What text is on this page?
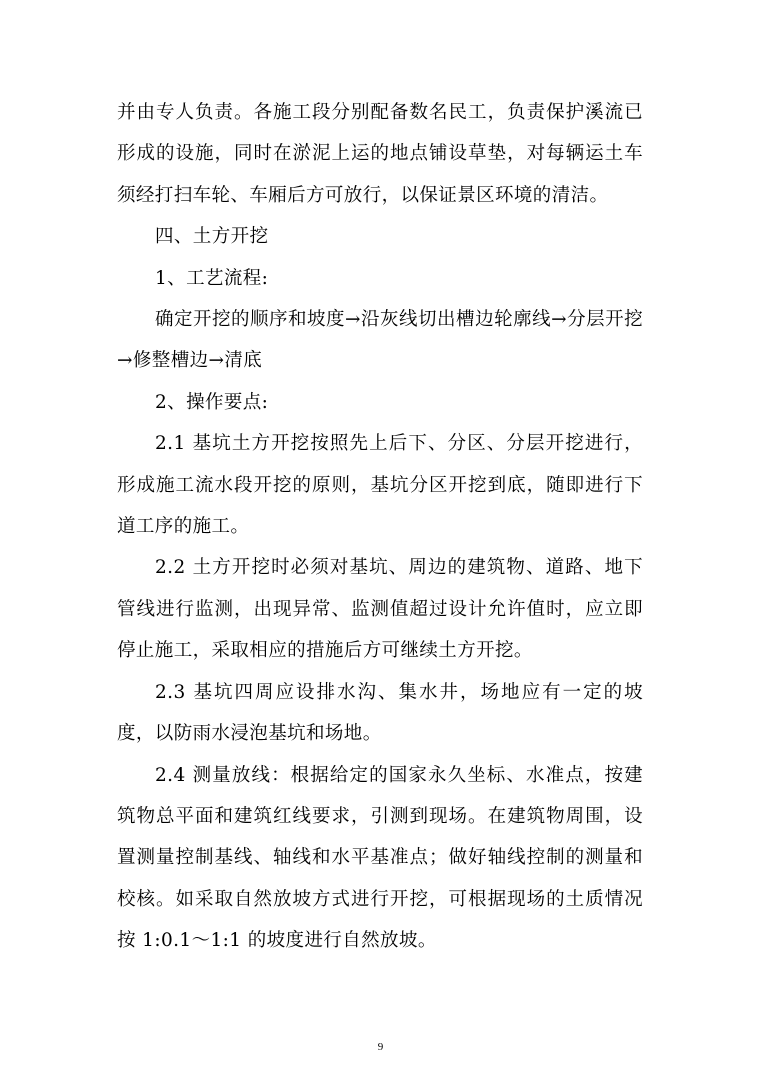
并由专人负责。各施工段分别配备数名民工，负责保护溪流已形成的设施，同时在淤泥上运的地点铺设草垫，对每辆运土车须经打扫车轮、车厢后方可放行，以保证景区环境的清洁。

四、土方开挖

1、工艺流程:

确定开挖的顺序和坡度→沿灰线切出槽边轮廓线→分层开挖→修整槽边→清底

2、操作要点:

2.1 基坑土方开挖按照先上后下、分区、分层开挖进行，形成施工流水段开挖的原则，基坑分区开挖到底，随即进行下道工序的施工。

2.2 土方开挖时必须对基坑、周边的建筑物、道路、地下管线进行监测，出现异常、监测值超过设计允许值时，应立即停止施工，采取相应的措施后方可继续土方开挖。

2.3 基坑四周应设排水沟、集水井，场地应有一定的坡度，以防雨水浸泡基坑和场地。

2.4 测量放线：根据给定的国家永久坐标、水准点，按建筑物总平面和建筑红线要求，引测到现场。在建筑物周围，设置测量控制基线、轴线和水平基准点；做好轴线控制的测量和校核。如采取自然放坡方式进行开挖，可根据现场的土质情况按 1:0.1～1:1 的坡度进行自然放坡。

9
